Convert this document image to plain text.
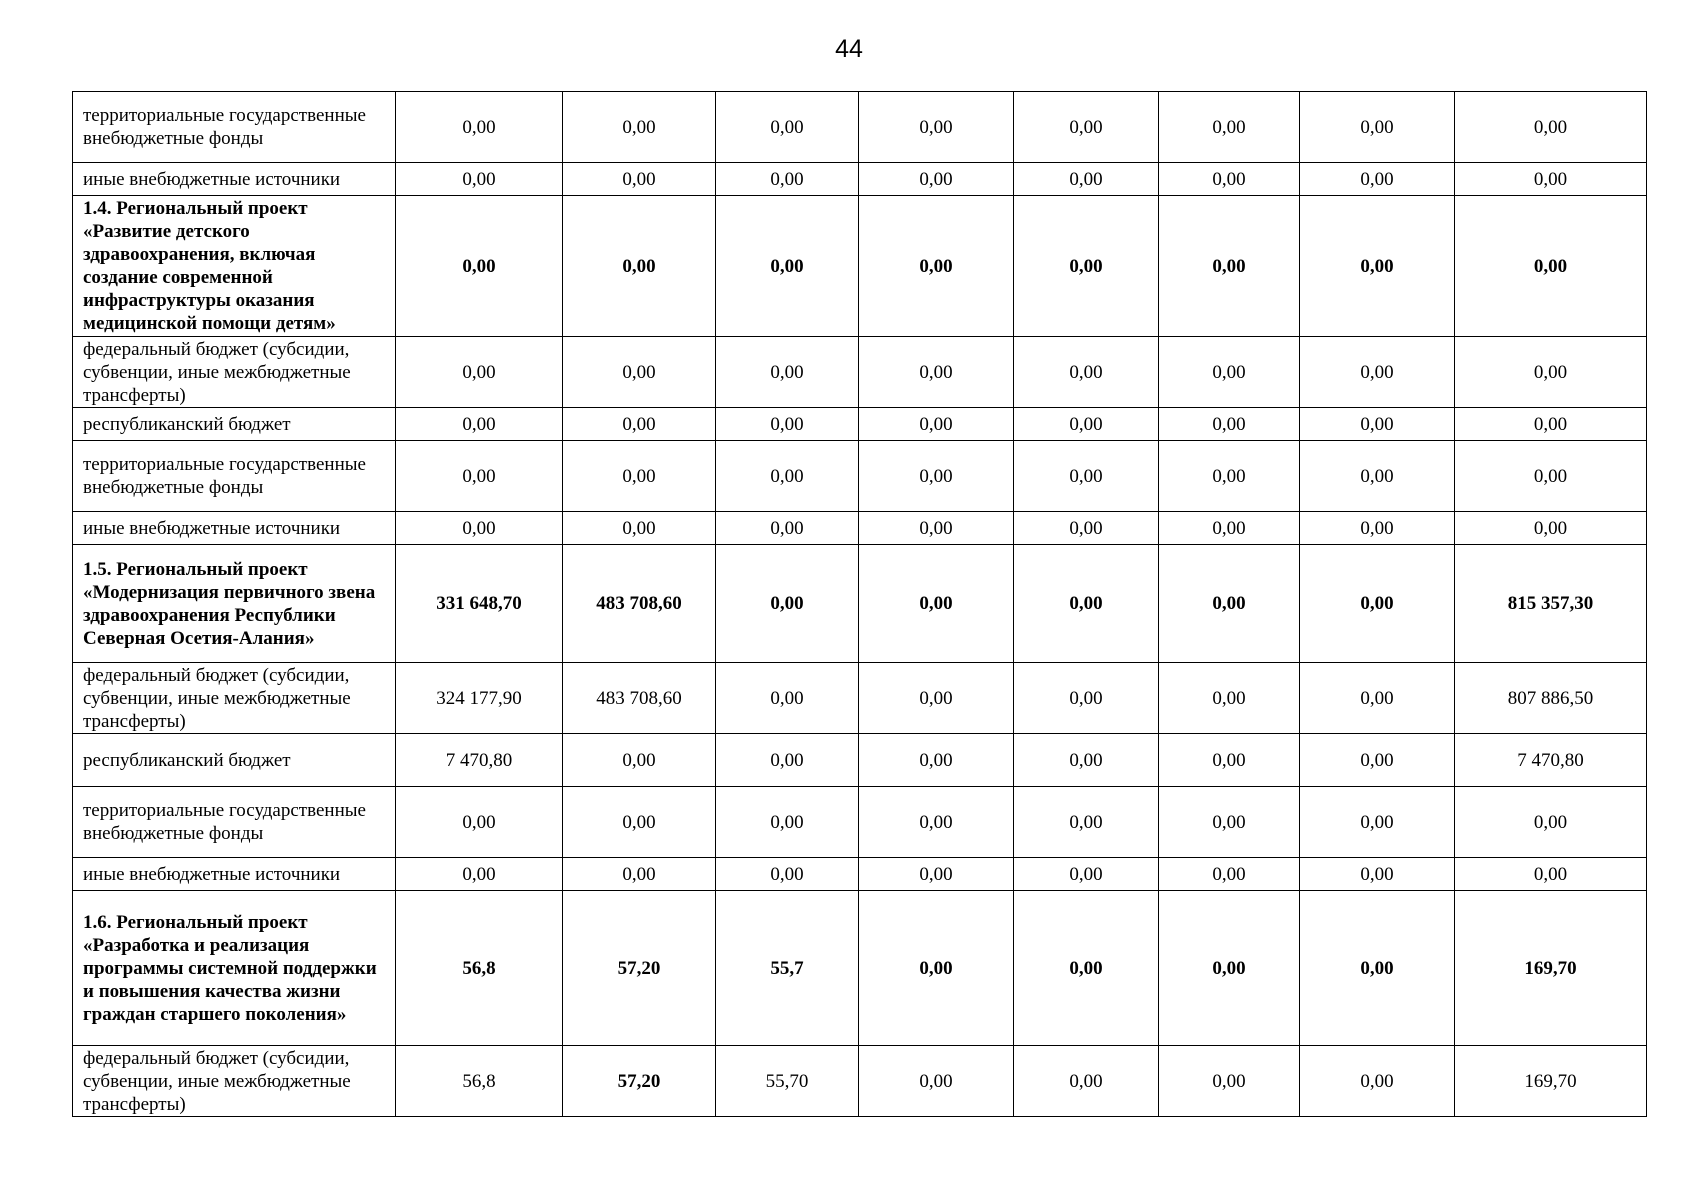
44
территориальные государственные внебюджетные фонды	0,00	0,00	0,00	0,00	0,00	0,00	0,00	0,00
иные внебюджетные источники	0,00	0,00	0,00	0,00	0,00	0,00	0,00	0,00
1.4. Региональный проект «Развитие детского здравоохранения, включая создание современной инфраструктуры оказания медицинской помощи детям»	0,00	0,00	0,00	0,00	0,00	0,00	0,00	0,00
федеральный бюджет (субсидии, субвенции, иные межбюджетные трансферты)	0,00	0,00	0,00	0,00	0,00	0,00	0,00	0,00
республиканский бюджет	0,00	0,00	0,00	0,00	0,00	0,00	0,00	0,00
территориальные государственные внебюджетные фонды	0,00	0,00	0,00	0,00	0,00	0,00	0,00	0,00
иные внебюджетные источники	0,00	0,00	0,00	0,00	0,00	0,00	0,00	0,00
1.5. Региональный проект «Модернизация первичного звена здравоохранения Республики Северная Осетия-Алания»	331 648,70	483 708,60	0,00	0,00	0,00	0,00	0,00	815 357,30
федеральный бюджет (субсидии, субвенции, иные межбюджетные трансферты)	324 177,90	483 708,60	0,00	0,00	0,00	0,00	0,00	807 886,50
республиканский бюджет	7 470,80	0,00	0,00	0,00	0,00	0,00	0,00	7 470,80
территориальные государственные внебюджетные фонды	0,00	0,00	0,00	0,00	0,00	0,00	0,00	0,00
иные внебюджетные источники	0,00	0,00	0,00	0,00	0,00	0,00	0,00	0,00
1.6. Региональный проект «Разработка и реализация программы системной поддержки и повышения качества жизни граждан старшего поколения»	56,8	57,20	55,7	0,00	0,00	0,00	0,00	169,70
федеральный бюджет (субсидии, субвенции, иные межбюджетные трансферты)	56,8	57,20	55,70	0,00	0,00	0,00	0,00	169,70
